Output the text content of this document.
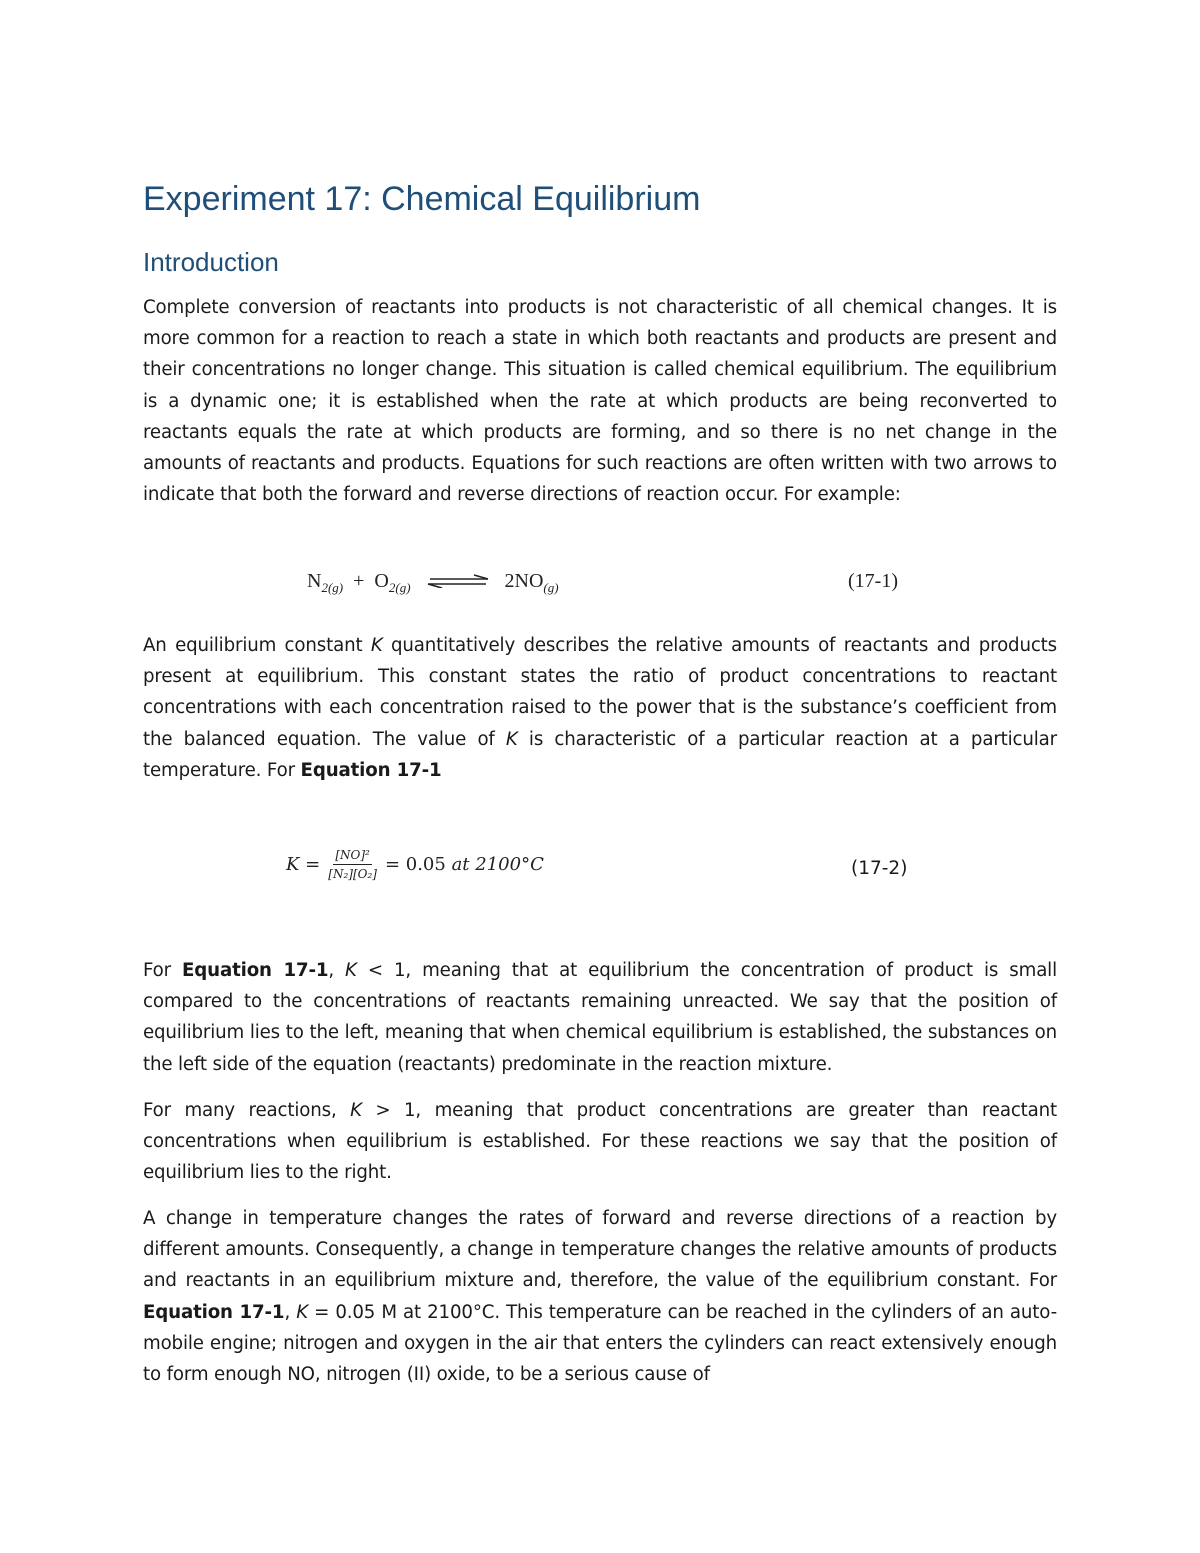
Experiment 17: Chemical Equilibrium
Introduction

Complete conversion of reactants into products is not characteristic of all chemical changes. It is more common for a reaction to reach a state in which both reactants and products are present and their concentrations no longer change. This situation is called chemical equilibrium. The equilibrium is a dynamic one; it is established when the rate at which products are being reconverted to reactants equals the rate at which products are forming, and so there is no net change in the amounts of reactants and products. Equations for such reactions are often written with two arrows to indicate that both the forward and reverse directions of reaction occur. For example:

$N_{2(g)} + O_{2(g)}$ ⇌ $2NO_{(g)}$	(17-1)

An equilibrium constant K quantitatively describes the relative amounts of reactants and products present at equilibrium. This constant states the ratio of product concentrations to reactant concentrations with each concentration raised to the power that is the substance’s coefficient from the balanced equation. The value of K is characteristic of a particular reaction at a particular temperature. For Equation 17-1

$K = \frac{\text{[NO]²}}{\text{[N₂][O₂]}} = 0.05$
at 2100°C	(17-2)

For Equation 17-1, K < 1, meaning that at equilibrium the concentration of product is small compared to the concentrations of reactants remaining unreacted. We say that the position of equilibrium lies to the left, meaning that when chemical equilibrium is established, the substances on the left side of the equation (reactants) predominate in the reaction mixture.

For many reactions, K > 1, meaning that product concentrations are greater than reactant concentrations when equilibrium is established. For these reactions we say that the position of equilibrium lies to the right.

A change in temperature changes the rates of forward and reverse directions of a reaction by different amounts. Consequently, a change in temperature changes the relative amounts of products and reactants in an equilibrium mixture and, therefore, the value of the equilibrium constant. For Equation 17-1, K = 0.05 M at 2100°C. This temperature can be reached in the cylinders of an auto-mobile engine; nitrogen and oxygen in the air that enters the cylinders can react extensively enough to form enough NO, nitrogen (II) oxide, to be a serious cause of
